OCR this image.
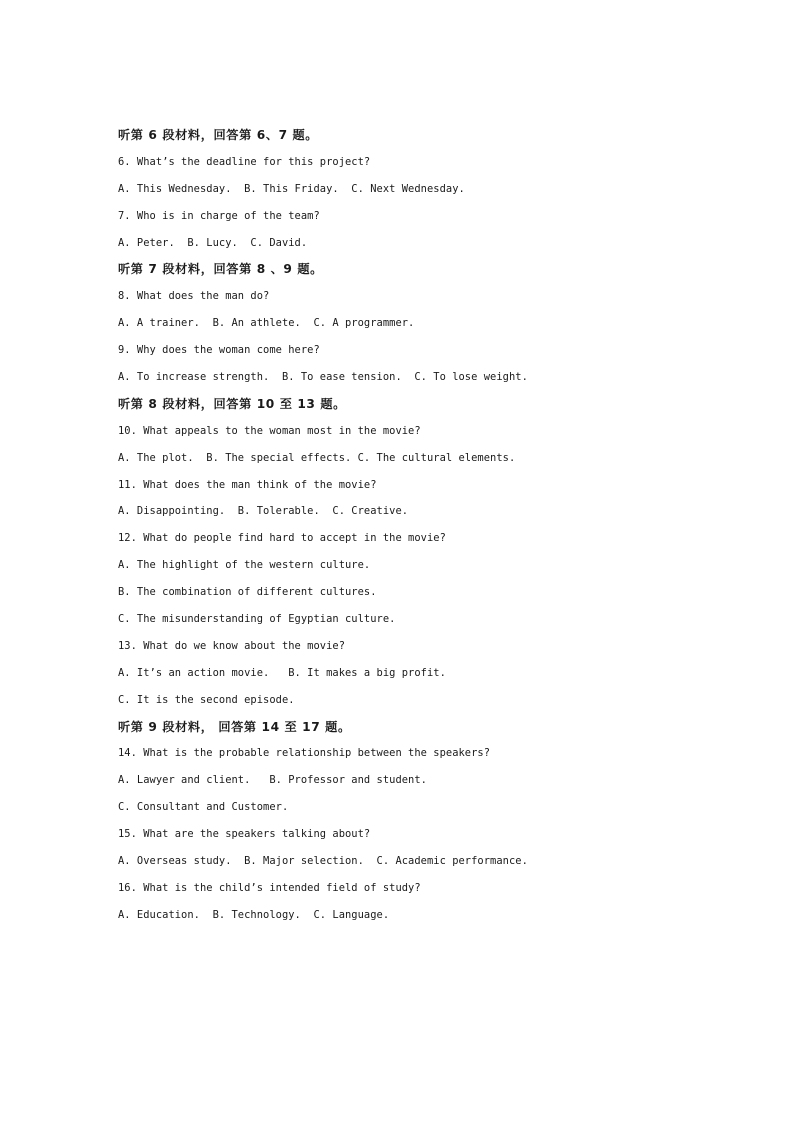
听第 6 段材料，回答第 6、7 题。
6. What’s the deadline for this project?
A. This Wednesday.  B. This Friday.  C. Next Wednesday.
7. Who is in charge of the team?
A. Peter.  B. Lucy.  C. David.
听第 7 段材料，回答第 8 、9 题。
8. What does the man do?
A. A trainer.  B. An athlete.  C. A programmer.
9. Why does the woman come here?
A. To increase strength.  B. To ease tension.  C. To lose weight.
听第 8 段材料，回答第 10 至 13 题。
10. What appeals to the woman most in the movie?
A. The plot.  B. The special effects. C. The cultural elements.
11. What does the man think of the movie?
A. Disappointing.  B. Tolerable.  C. Creative.
12. What do people find hard to accept in the movie?
A. The highlight of the western culture.
B. The combination of different cultures.
C. The misunderstanding of Egyptian culture.
13. What do we know about the movie?
A. It’s an action movie.   B. It makes a big profit.
C. It is the second episode.
听第 9 段材料， 回答第 14 至 17 题。
14. What is the probable relationship between the speakers?
A. Lawyer and client.   B. Professor and student.
C. Consultant and Customer.
15. What are the speakers talking about?
A. Overseas study.  B. Major selection.  C. Academic performance.
16. What is the child’s intended field of study?
A. Education.  B. Technology.  C. Language.
